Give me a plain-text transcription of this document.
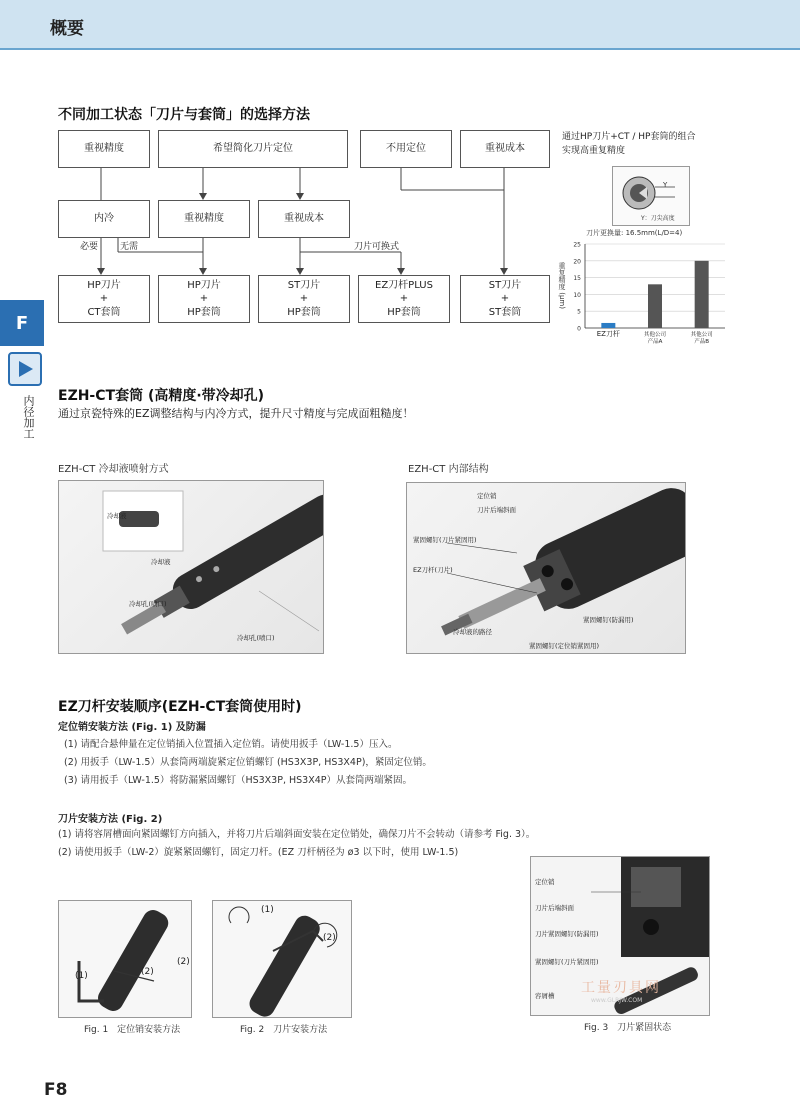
概要
F
内径加工
不同加工状态「刀片与套筒」的选择方法
重视精度	希望简化刀片定位	不用定位	重视成本
内冷	重视精度	重视成本
必要 无需	刀片可换式
HP刀片
+
CT套筒
HP刀片
+
HP套筒
ST刀片
+
HP套筒
EZ刀杆PLUS
+
HP套筒
ST刀片
+
ST套筒
通过HP刀片+CT / HP套筒的组合
实现高重复精度
Y
Y：刀尖高度
刀片更换量: 16.5mm(L/D=4)
重复精度 (μm)
0
5
10
15
20
25
EZ刀杆	其他公司
产品A
其他公司
产品B
EZH-CT套筒 (高精度·带冷却孔)
通过京瓷特殊的EZ调整结构与内冷方式，提升尺寸精度与完成面粗糙度！
EZH-CT 冷却液喷射方式	EZH-CT 内部结构
冷却液
冷却液
冷却孔(喷口)
冷却孔(喷口)
定位销
刀片后端斜面
紧固螺钉(刀片紧固用)
EZ刀杆(刀片)
紧固螺钉(防漏用)
冷却液的路径
紧固螺钉(定位销紧固用)
EZ刀杆安装顺序(EZH-CT套筒使用时)
定位销安装方法 (Fig. 1) 及防漏
(1) 请配合悬伸量在定位销插入位置插入定位销。请使用扳手（LW-1.5）压入。
(2) 用扳手（LW-1.5）从套筒两端旋紧定位销螺钉 (HS3X3P, HS3X4P)，紧固定位销。
(3) 请用扳手（LW-1.5）将防漏紧固螺钉（HS3X3P, HS3X4P）从套筒两端紧固。
刀片安装方法 (Fig. 2)
(1) 请将容屑槽面向紧固螺钉方向插入，并将刀片后端斜面安装在定位销处，确保刀片不会转动（请参考 Fig. 3）。
(2) 请使用扳手（LW-2）旋紧紧固螺钉，固定刀杆。(EZ 刀杆柄径为 ø3 以下时，使用 LW-1.5)
(1)
(2)
(2)
Fig. 1　定位销安装方法
(1)
(2)
Fig. 2　刀片安装方法
定位销
刀片后端斜面
刀片紧固螺钉(防漏用)
紧固螺钉(刀片紧固用)
容屑槽 工量刃具网
www.GLRJW.COM
Fig. 3　刀片紧固状态
F8
